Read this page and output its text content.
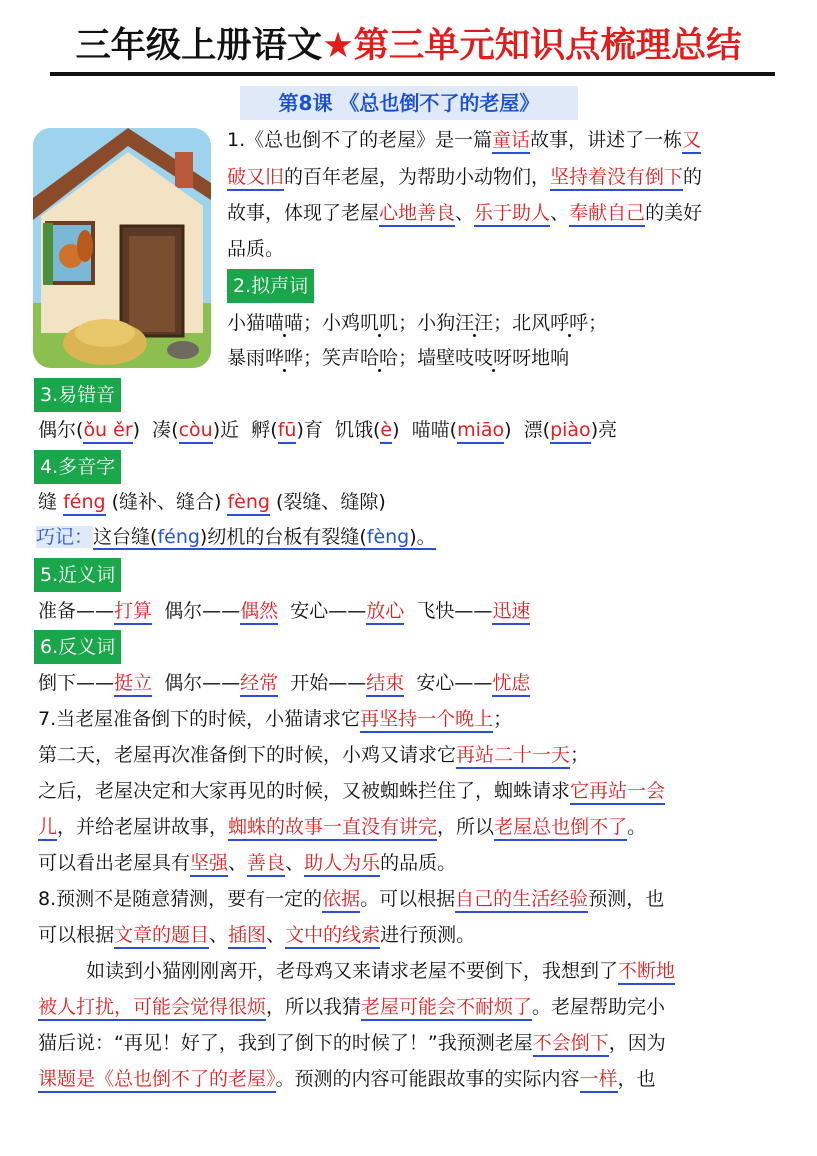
三年级上册语文★第三单元知识点梳理总结
第8课 《总也倒不了的老屋》
1.《总也倒不了的老屋》是一篇童话故事，讲述了一栋又
破又旧的百年老屋，为帮助小动物们，坚持着没有倒下的
故事，体现了老屋心地善良、乐于助人、奉献自己的美好
品质。
2.拟声词
小猫喵喵；小鸡叽叽；小狗汪汪；北风呼呼；
暴雨哗哗；笑声哈哈；墙壁吱吱呀呀地响
3.易错音
偶尔(ǒu ěr) 凑(còu)近 孵(fū)育 饥饿(è) 喵喵(miāo) 漂(piào)亮
4.多音字
缝 féng (缝补、缝合) fèng (裂缝、缝隙)
巧记：这台缝(féng)纫机的台板有裂缝(fèng)。
5.近义词
准备——打算 偶尔——偶然 安心——放心 飞快——迅速
6.反义词
倒下——挺立 偶尔——经常 开始——结束 安心——忧虑
7.当老屋准备倒下的时候，小猫请求它再坚持一个晚上；
第二天，老屋再次准备倒下的时候，小鸡又请求它再站二十一天；
之后，老屋决定和大家再见的时候，又被蜘蛛拦住了，蜘蛛请求它再站一会
儿，并给老屋讲故事，蜘蛛的故事一直没有讲完，所以老屋总也倒不了。
可以看出老屋具有坚强、善良、助人为乐的品质。
8.预测不是随意猜测，要有一定的依据。可以根据自己的生活经验预测，也
可以根据文章的题目、插图、文中的线索进行预测。
如读到小猫刚刚离开，老母鸡又来请求老屋不要倒下，我想到了不断地
被人打扰，可能会觉得很烦，所以我猜老屋可能会不耐烦了。老屋帮助完小
猫后说：“再见！好了，我到了倒下的时候了！”我预测老屋不会倒下，因为
课题是《总也倒不了的老屋》。预测的内容可能跟故事的实际内容一样，也
